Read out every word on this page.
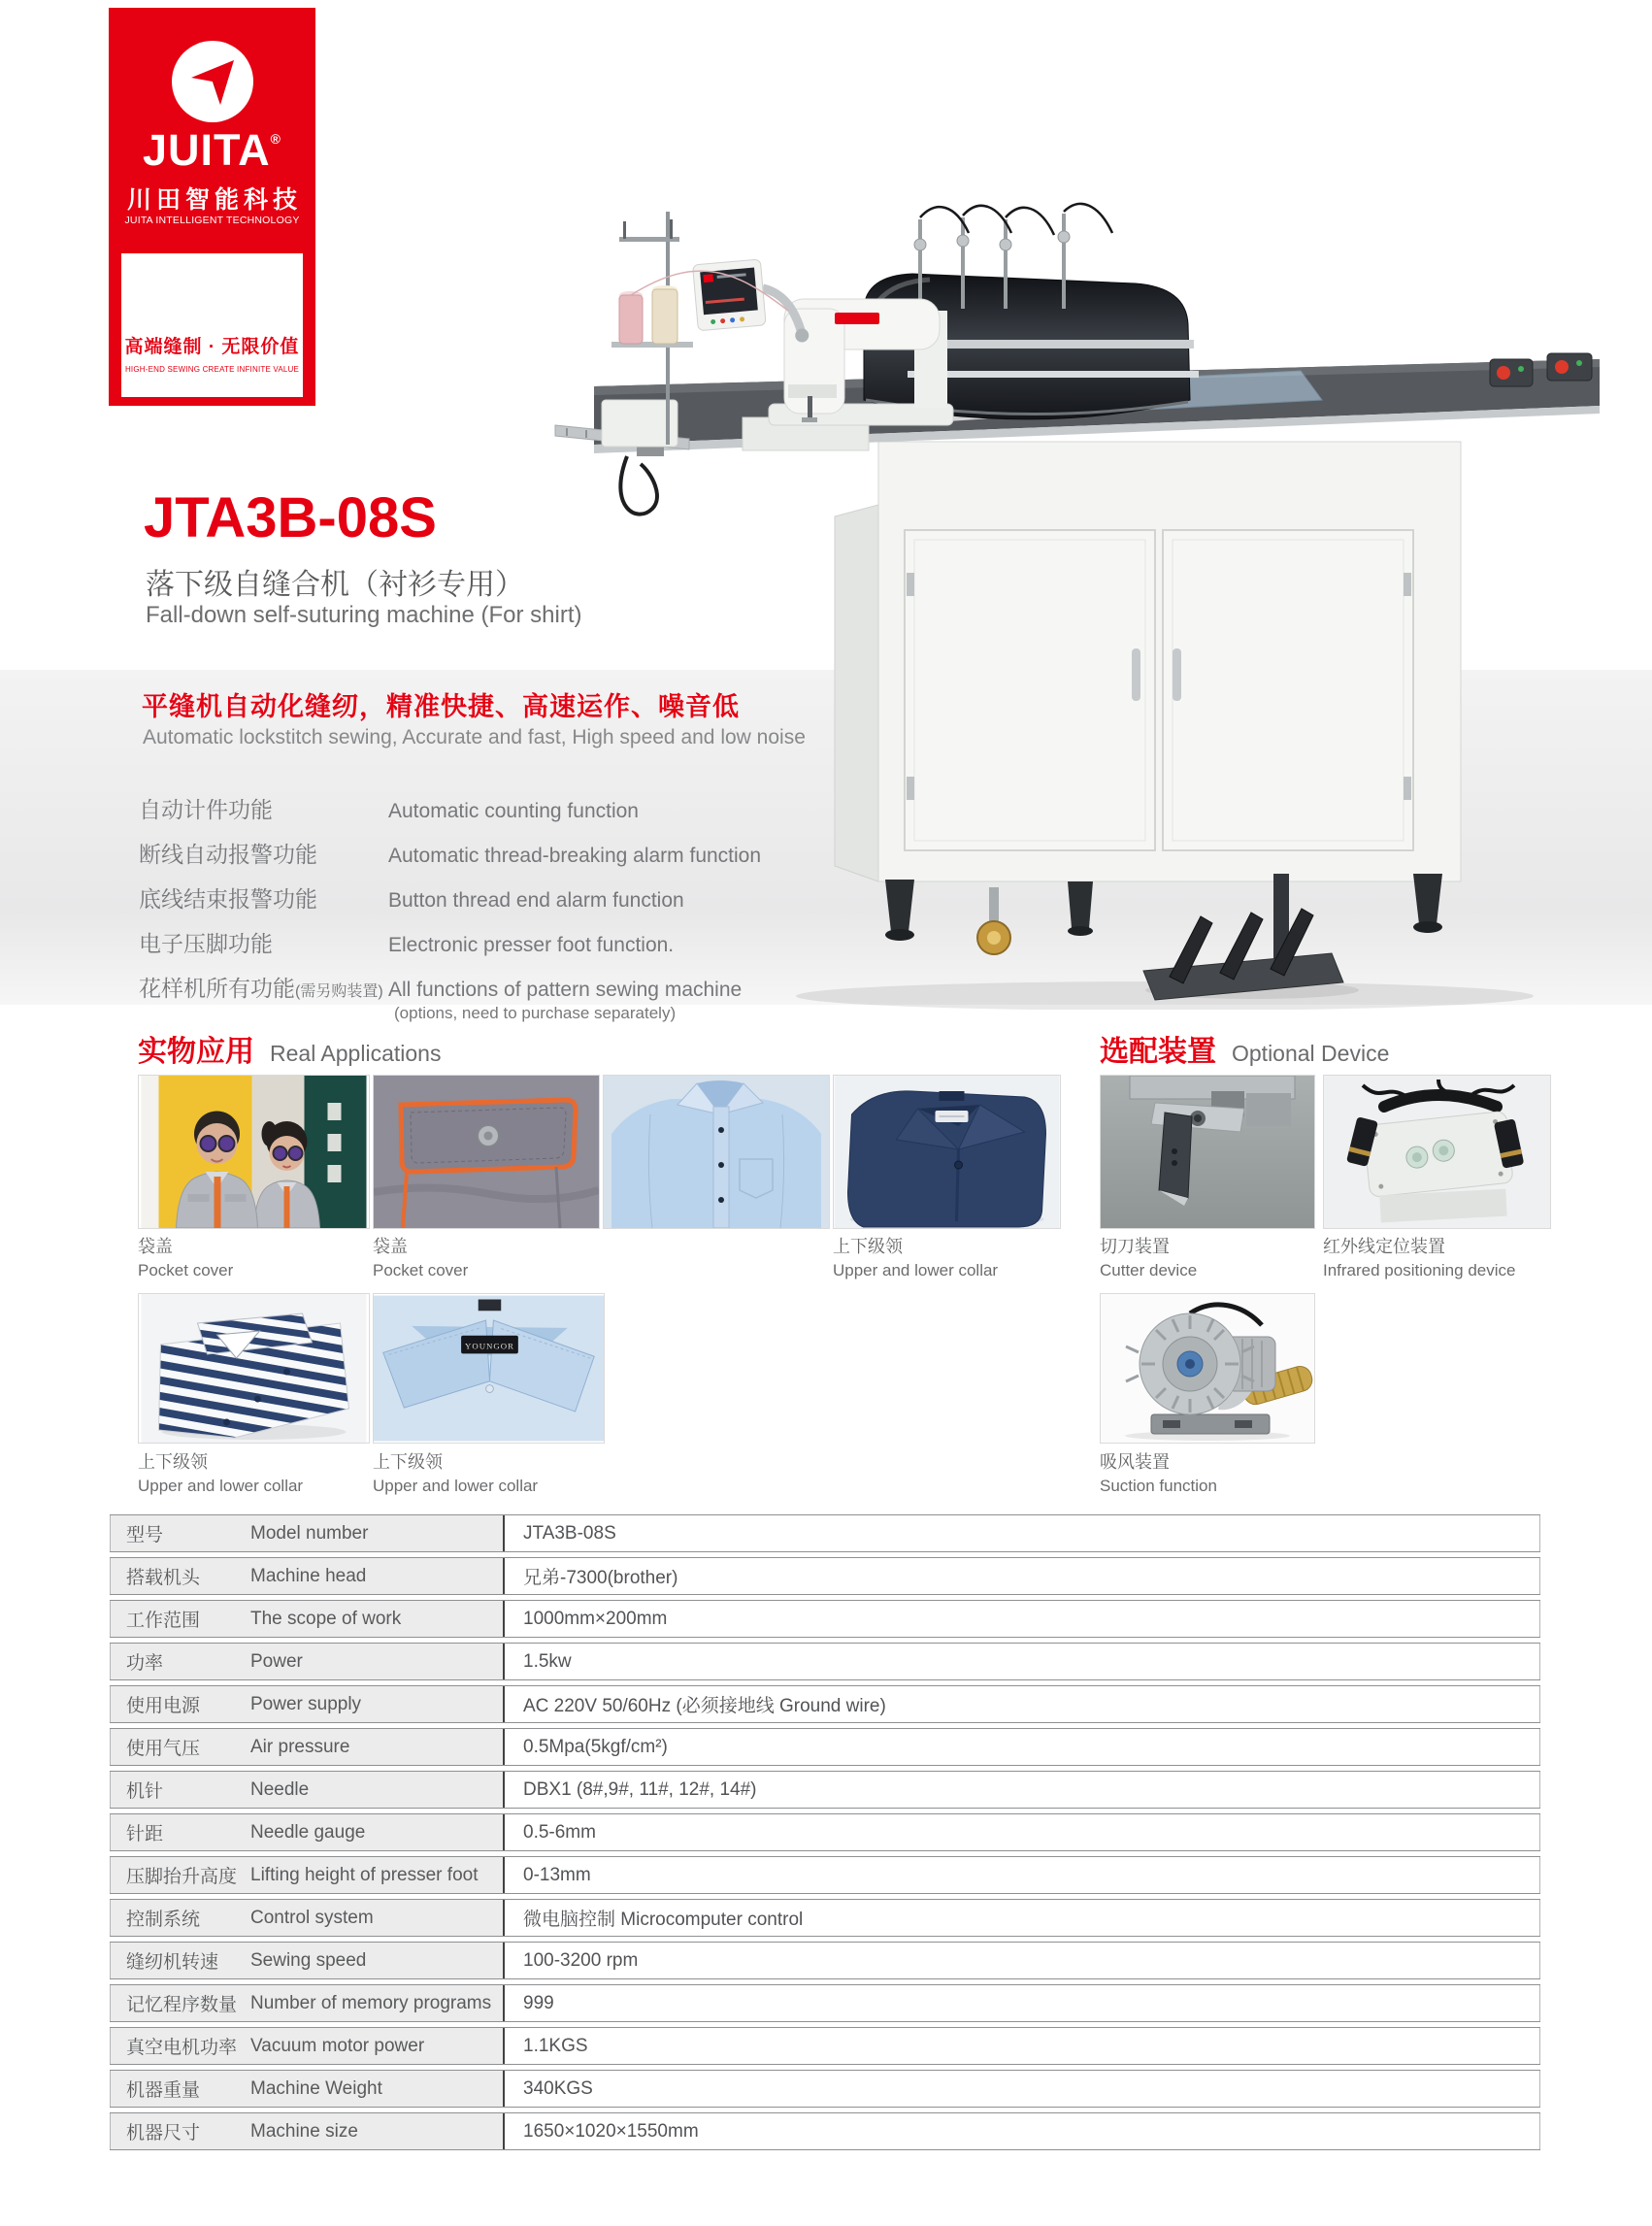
JUITA®
川田智能科技
JUITA INTELLIGENT TECHNOLOGY
高端缝制 · 无限价值
HIGH-END SEWING CREATE INFINITE VALUE
JTA3B-08S
落下级自缝合机（衬衫专用）
Fall-down self-suturing machine (For shirt)
平缝机自动化缝纫，精准快捷、高速运作、噪音低
Automatic lockstitch sewing, Accurate and fast, High speed and low noise
自动计件功能	Automatic counting function
断线自动报警功能	Automatic thread-breaking alarm function
底线结束报警功能	Button thread end alarm function
电子压脚功能	Electronic presser foot function.
花样机所有功能(需另购装置) All functions of pattern sewing machine
(options, need to purchase separately)
实物应用 Real Applications	选配装置 Optional Device
袋盖
Pocket cover
袋盖
Pocket cover
上下级领
Upper and lower collar
YOUNGOR
上下级领
Upper and lower collar
上下级领
Upper and lower collar
切刀装置
Cutter device
红外线定位装置
Infrared positioning device
吸风装置
Suction function
型号	Model number	JTA3B-08S
搭载机头	Machine head	兄弟-7300(brother)
工作范围	The scope of work	1000mm×200mm
功率	Power	1.5kw
使用电源	Power supply	AC 220V 50/60Hz (必须接地线 Ground wire)
使用气压	Air pressure	0.5Mpa(5kgf/cm²)
机针	Needle	DBX1 (8#,9#, 11#, 12#, 14#)
针距	Needle gauge	0.5-6mm
压脚抬升高度 Lifting height of presser foot	0-13mm
控制系统	Control system	微电脑控制 Microcomputer control
缝纫机转速	Sewing speed	100-3200 rpm
记忆程序数量 Number of memory programs	999
真空电机功率 Vacuum motor power	1.1KGS
机器重量	Machine Weight	340KGS
机器尺寸	Machine size	1650×1020×1550mm
